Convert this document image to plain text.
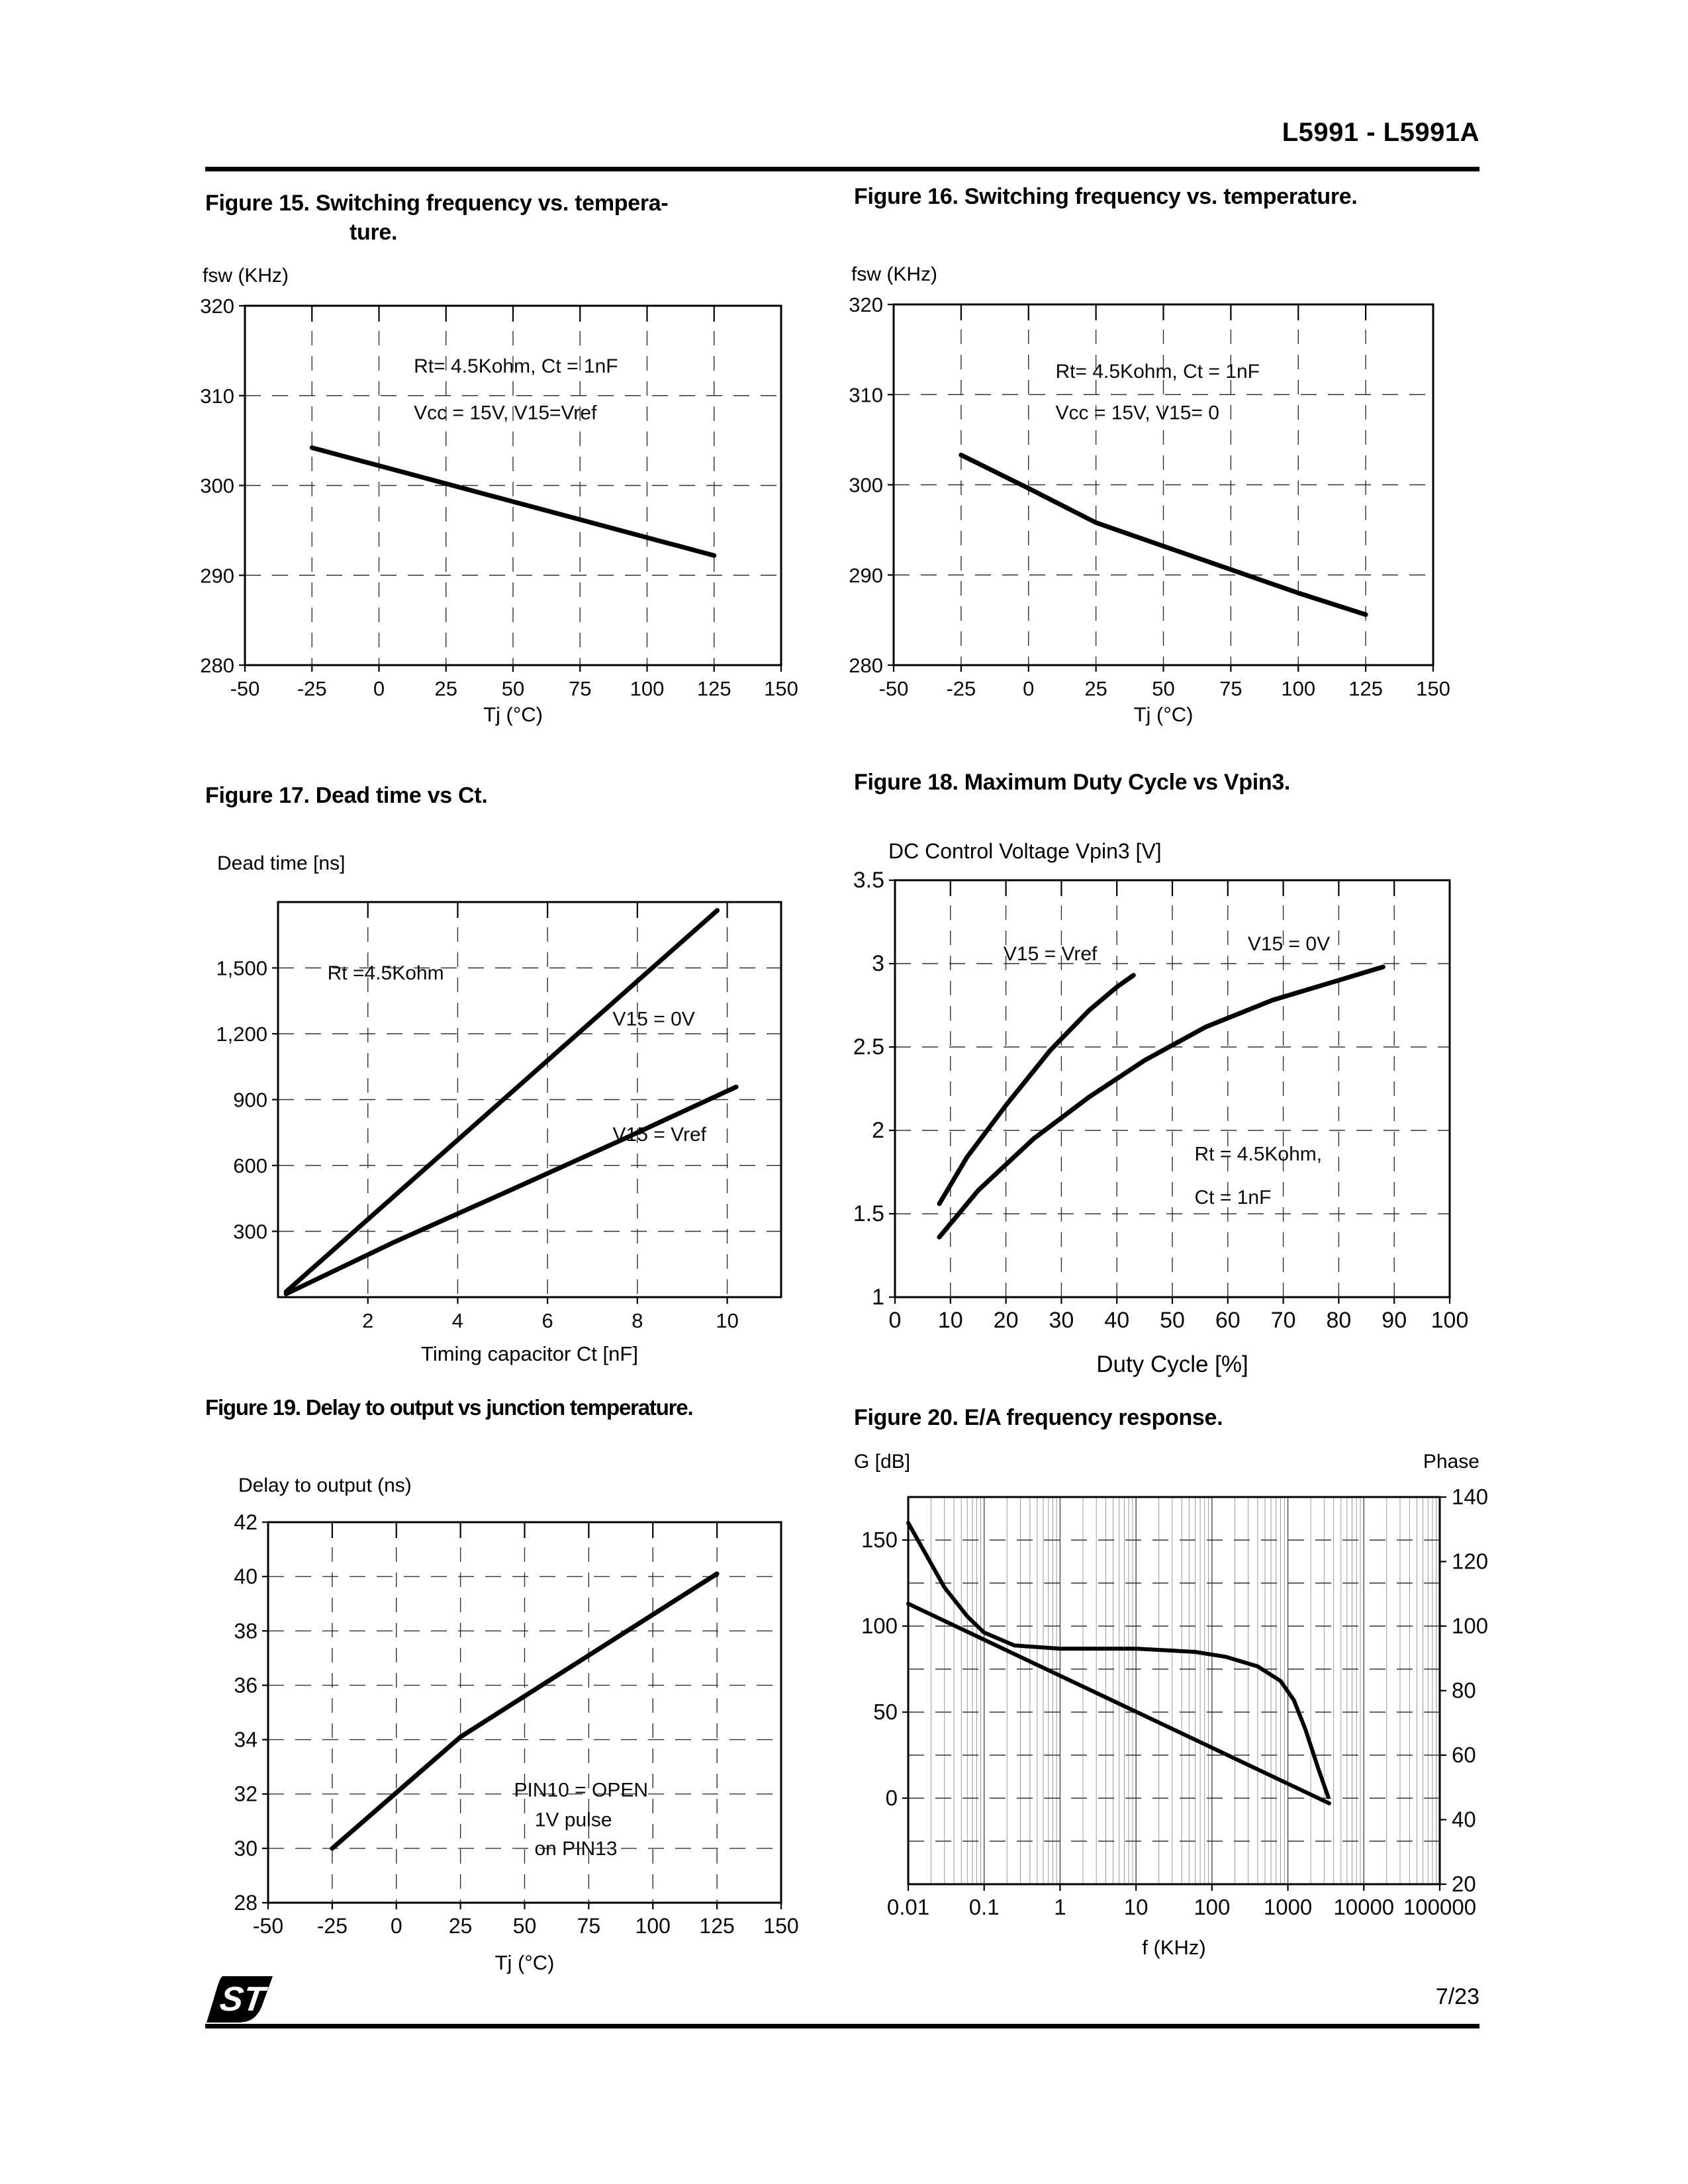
L5991 - L5991A
Figure 15. Switching frequency vs. tempera-
ture.
fsw (KHz)
-50 -25 0 25 50 75 100 125 150
280
290
300
310
320
Rt= 4.5Kohm, Ct = 1nF
Vcc = 15V, V15=Vref
Tj (°C)
Figure 16. Switching frequency vs. temperature.
fsw (KHz)
-50 -25 0 25 50 75 100 125 150
280
290
300
310
320
Rt= 4.5Kohm, Ct = 1nF
Vcc = 15V, V15= 0
Tj (°C)
Figure 17. Dead time vs Ct.
Dead time [ns]
2	4	6	8	10
300
600
900
1,200
1,500	Rt =4.5Kohm
V15 = 0V
V15 = Vref
Timing capacitor Ct [nF]
Figure 18. Maximum Duty Cycle vs Vpin3.
DC Control Voltage Vpin3 [V]
0 10 20 30 40 50 60 70 80 90 100
1
1.5
2
2.5
3
3.5
V15 = Vref	V15 = 0V
Rt = 4.5Kohm,
Ct = 1nF
Duty Cycle [%]
Figure 19. Delay to output vs junction temperature.
Delay to output (ns)
-50 -25 0 25 50 75 100 125 150
28
30
32
34
36
38
40
42
PIN10 = OPEN
1V pulse
on PIN13
Tj (°C)
Figure 20. E/A frequency response.
G [dB]	Phase
0.01 0.1	1	10 100 1000 10000 100000
0
50
100
150
140
120
100
80
60
40
20
f (KHz)
ST	7/23
